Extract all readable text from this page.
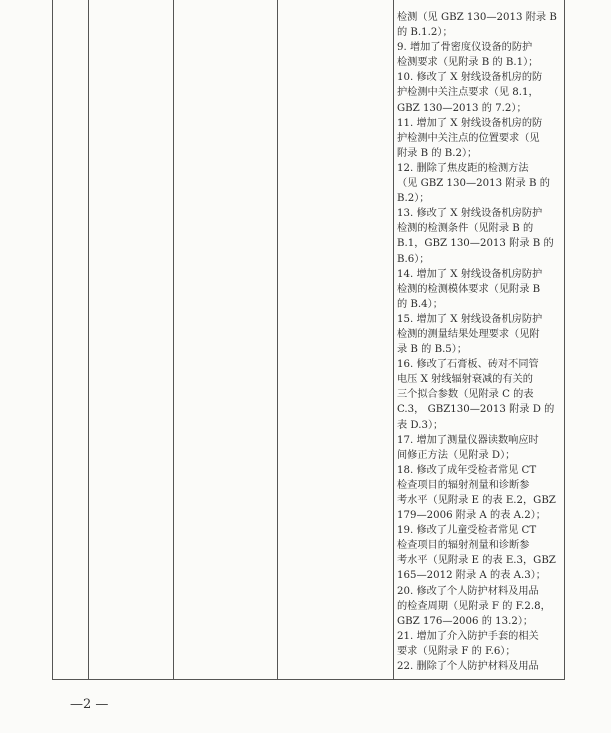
检测（见 GBZ 130—2013 附录 B
的 B.1.2）；
9. 增加了骨密度仪设备的防护
检测要求（见附录 B 的 B.1）；
10. 修改了 X 射线设备机房的防
护检测中关注点要求（见 8.1，
GBZ 130—2013 的 7.2）；
11. 增加了 X 射线设备机房的防
护检测中关注点的位置要求（见
附录 B 的 B.2）；
12. 删除了焦皮距的检测方法
（见 GBZ 130—2013 附录 B 的
B.2）；
13. 修改了 X 射线设备机房防护
检测的检测条件（见附录 B 的
B.1，GBZ 130—2013 附录 B 的
B.6）；
14. 增加了 X 射线设备机房防护
检测的检测模体要求（见附录 B
的 B.4）；
15. 增加了 X 射线设备机房防护
检测的测量结果处理要求（见附
录 B 的 B.5）；
16. 修改了石膏板、砖对不同管
电压 X 射线辐射衰减的有关的
三个拟合参数（见附录 C 的表
C.3， GBZ130—2013 附录 D 的
表 D.3）；
17. 增加了测量仪器读数响应时
间修正方法（见附录 D）；
18. 修改了成年受检者常见 CT
检查项目的辐射剂量和诊断参
考水平（见附录 E 的表 E.2，GBZ
179—2006 附录 A 的表 A.2）；
19. 修改了儿童受检者常见 CT
检查项目的辐射剂量和诊断参
考水平（见附录 E 的表 E.3，GBZ
165—2012 附录 A 的表 A.3）；
20. 修改了个人防护材料及用品
的检查周期（见附录 F 的 F.2.8，
GBZ 176—2006 的 13.2）；
21. 增加了介入防护手套的相关
要求（见附录 F 的 F.6）；
22. 删除了个人防护材料及用品
—2 —
